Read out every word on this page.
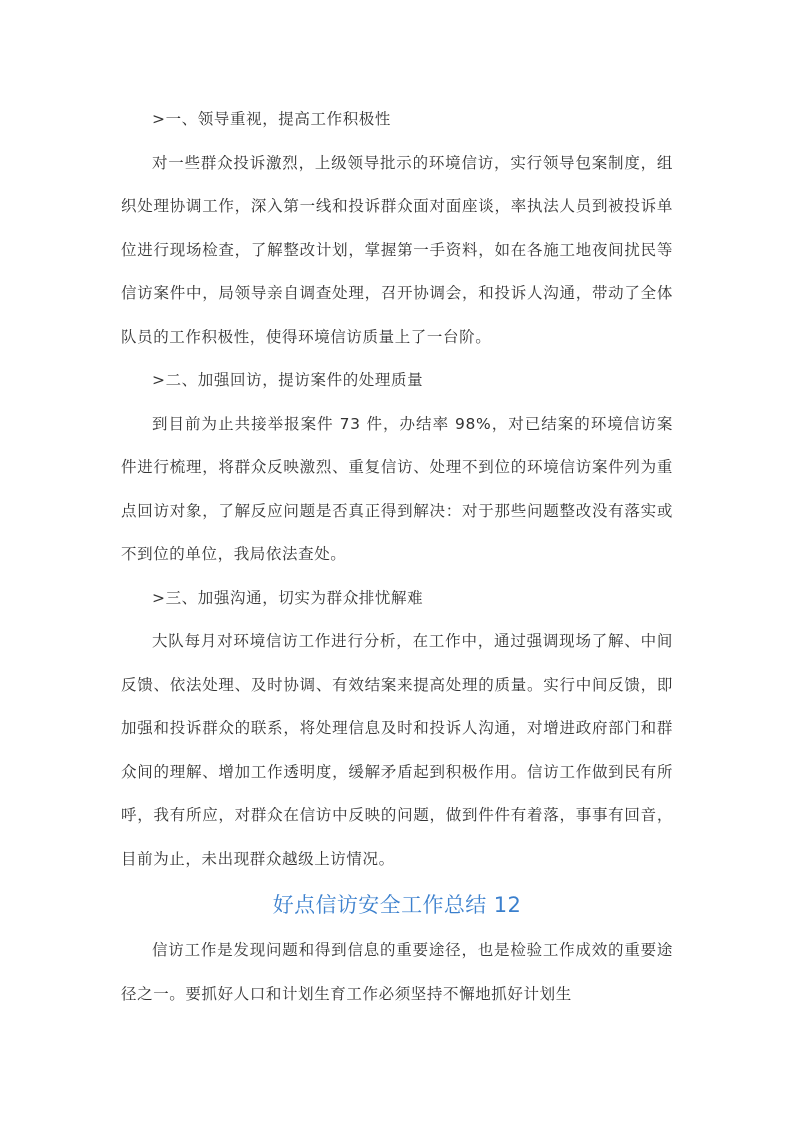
>一、领导重视，提高工作积极性

对一些群众投诉激烈，上级领导批示的环境信访，实行领导包案制度，组织处理协调工作，深入第一线和投诉群众面对面座谈，率执法人员到被投诉单位进行现场检查，了解整改计划，掌握第一手资料，如在各施工地夜间扰民等信访案件中，局领导亲自调查处理，召开协调会，和投诉人沟通，带动了全体队员的工作积极性，使得环境信访质量上了一台阶。

>二、加强回访，提访案件的处理质量

到目前为止共接举报案件 73 件，办结率 98%，对已结案的环境信访案件进行梳理，将群众反映激烈、重复信访、处理不到位的环境信访案件列为重点回访对象，了解反应问题是否真正得到解决：对于那些问题整改没有落实或不到位的单位，我局依法查处。

>三、加强沟通，切实为群众排忧解难

大队每月对环境信访工作进行分析，在工作中，通过强调现场了解、中间反馈、依法处理、及时协调、有效结案来提高处理的质量。实行中间反馈，即加强和投诉群众的联系，将处理信息及时和投诉人沟通，对增进政府部门和群众间的理解、增加工作透明度，缓解矛盾起到积极作用。信访工作做到民有所呼，我有所应，对群众在信访中反映的问题，做到件件有着落，事事有回音，目前为止，未出现群众越级上访情况。

好点信访安全工作总结 12

信访工作是发现问题和得到信息的重要途径，也是检验工作成效的重要途径之一。要抓好人口和计划生育工作必须坚持不懈地抓好计划生
